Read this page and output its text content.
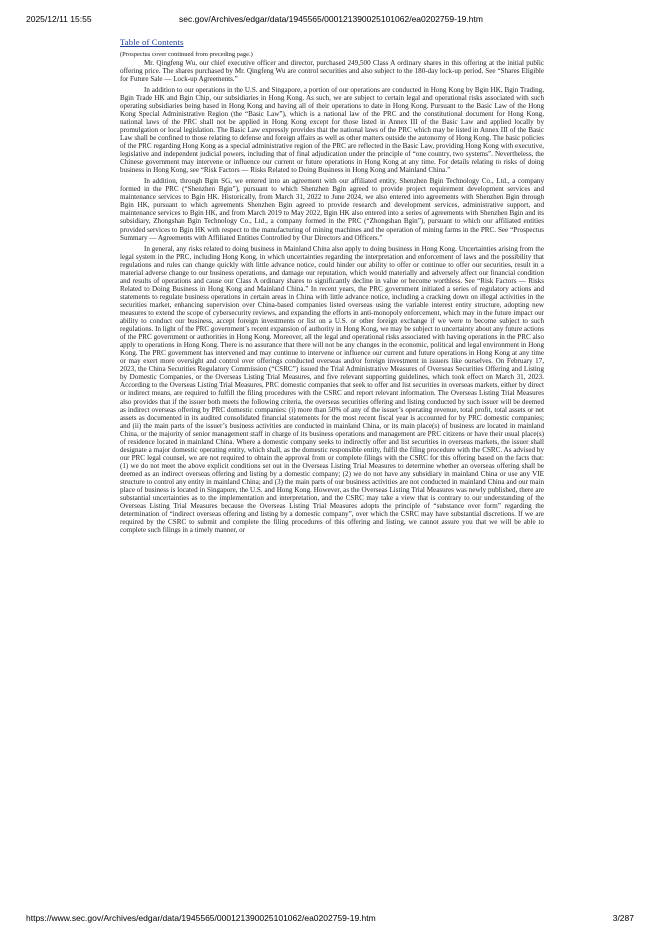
2025/12/11 15:55	sec.gov/Archives/edgar/data/1945565/000121390025101062/ea0202759-19.htm
Table of Contents

(Prospectus cover continued from preceding page.)

Mr. Qingfeng Wu, our chief executive officer and director, purchased 249,500 Class A ordinary shares in this offering at the initial public offering price. The shares purchased by Mr. Qingfeng Wu are control securities and also subject to the 180-day lock-up period. See “Shares Eligible for Future Sale — Lock-up Agreements.”

In addition to our operations in the U.S. and Singapore, a portion of our operations are conducted in Hong Kong by Bgin HK, Bgin Trading, Bgin Trade HK and Bgin Chip, our subsidiaries in Hong Kong. As such, we are subject to certain legal and operational risks associated with such operating subsidiaries being based in Hong Kong and having all of their operations to date in Hong Kong. Pursuant to the Basic Law of the Hong Kong Special Administrative Region (the “Basic Law”), which is a national law of the PRC and the constitutional document for Hong Kong, national laws of the PRC shall not be applied in Hong Kong except for those listed in Annex III of the Basic Law and applied locally by promulgation or local legislation. The Basic Law expressly provides that the national laws of the PRC which may be listed in Annex III of the Basic Law shall be confined to those relating to defense and foreign affairs as well as other matters outside the autonomy of Hong Kong. The basic policies of the PRC regarding Hong Kong as a special administrative region of the PRC are reflected in the Basic Law, providing Hong Kong with executive, legislative and independent judicial powers, including that of final adjudication under the principle of “one country, two systems”. Nevertheless, the Chinese government may intervene or influence our current or future operations in Hong Kong at any time. For details relating to risks of doing business in Hong Kong, see “Risk Factors — Risks Related to Doing Business in Hong Kong and Mainland China.”

In addition, through Bgin SG, we entered into an agreement with our affiliated entity, Shenzhen Bgin Technology Co., Ltd., a company formed in the PRC (“Shenzhen Bgin”), pursuant to which Shenzhen Bgin agreed to provide project requirement development services and maintenance services to Bgin HK. Historically, from March 31, 2022 to June 2024, we also entered into agreements with Shenzhen Bgin through Bgin HK, pursuant to which agreements Shenzhen Bgin agreed to provide research and development services, administrative support, and maintenance services to Bgin HK, and from March 2019 to May 2022, Bgin HK also entered into a series of agreements with Shenzhen Bgin and its subsidiary, Zhongshan Bgin Technology Co., Ltd., a company formed in the PRC (“Zhongshan Bgin”), pursuant to which our affiliated entities provided services to Bgin HK with respect to the manufacturing of mining machines and the operation of mining farms in the PRC. See “Prospectus Summary — Agreements with Affiliated Entities Controlled by Our Directors and Officers.”

In general, any risks related to doing business in Mainland China also apply to doing business in Hong Kong. Uncertainties arising from the legal system in the PRC, including Hong Kong, in which uncertainties regarding the interpretation and enforcement of laws and the possibility that regulations and rules can change quickly with little advance notice, could hinder our ability to offer or continue to offer our securities, result in a material adverse change to our business operations, and damage our reputation, which would materially and adversely affect our financial condition and results of operations and cause our Class A ordinary shares to significantly decline in value or become worthless. See “Risk Factors — Risks Related to Doing Business in Hong Kong and Mainland China.” In recent years, the PRC government initiated a series of regulatory actions and statements to regulate business operations in certain areas in China with little advance notice, including a cracking down on illegal activities in the securities market, enhancing supervision over China-based companies listed overseas using the variable interest entity structure, adopting new measures to extend the scope of cybersecurity reviews, and expanding the efforts in anti-monopoly enforcement, which may in the future impact our ability to conduct our business, accept foreign investments or list on a U.S. or other foreign exchange if we were to become subject to such regulations. In light of the PRC government’s recent expansion of authority in Hong Kong, we may be subject to uncertainty about any future actions of the PRC government or authorities in Hong Kong. Moreover, all the legal and operational risks associated with having operations in the PRC also apply to operations in Hong Kong. There is no assurance that there will not be any changes in the economic, political and legal environment in Hong Kong. The PRC government has intervened and may continue to intervene or influence our current and future operations in Hong Kong at any time or may exert more oversight and control over offerings conducted overseas and/or foreign investment in issuers like ourselves. On February 17, 2023, the China Securities Regulatory Commission (“CSRC”) issued the Trial Administrative Measures of Overseas Securities Offering and Listing by Domestic Companies, or the Overseas Listing Trial Measures, and five relevant supporting guidelines, which took effect on March 31, 2023. According to the Overseas Listing Trial Measures, PRC domestic companies that seek to offer and list securities in overseas markets, either by direct or indirect means, are required to fulfill the filing procedures with the CSRC and report relevant information. The Overseas Listing Trial Measures also provides that if the issuer both meets the following criteria, the overseas securities offering and listing conducted by such issuer will be deemed as indirect overseas offering by PRC domestic companies: (i) more than 50% of any of the issuer’s operating revenue, total profit, total assets or net assets as documented in its audited consolidated financial statements for the most recent fiscal year is accounted for by PRC domestic companies; and (ii) the main parts of the issuer’s business activities are conducted in mainland China, or its main place(s) of business are located in mainland China, or the majority of senior management staff in charge of its business operations and management are PRC citizens or have their usual place(s) of residence located in mainland China. Where a domestic company seeks to indirectly offer and list securities in overseas markets, the issuer shall designate a major domestic operating entity, which shall, as the domestic responsible entity, fulfil the filing procedure with the CSRC. As advised by our PRC legal counsel, we are not required to obtain the approval from or complete filings with the CSRC for this offering based on the facts that: (1) we do not meet the above explicit conditions set out in the Overseas Listing Trial Measures to determine whether an overseas offering shall be deemed as an indirect overseas offering and listing by a domestic company; (2) we do not have any subsidiary in mainland China or use any VIE structure to control any entity in mainland China; and (3) the main parts of our business activities are not conducted in mainland China and our main place of business is located in Singapore, the U.S. and Hong Kong. However, as the Overseas Listing Trial Measures was newly published, there are substantial uncertainties as to the implementation and interpretation, and the CSRC may take a view that is contrary to our understanding of the Overseas Listing Trial Measures because the Overseas Listing Trial Measures adopts the principle of “substance over form” regarding the determination of “indirect overseas offering and listing by a domestic company”, over which the CSRC may have substantial discretions. If we are required by the CSRC to submit and complete the filing procedures of this offering and listing, we cannot assure you that we will be able to complete such filings in a timely manner, or

https://www.sec.gov/Archives/edgar/data/1945565/000121390025101062/ea0202759-19.htm	3/287
